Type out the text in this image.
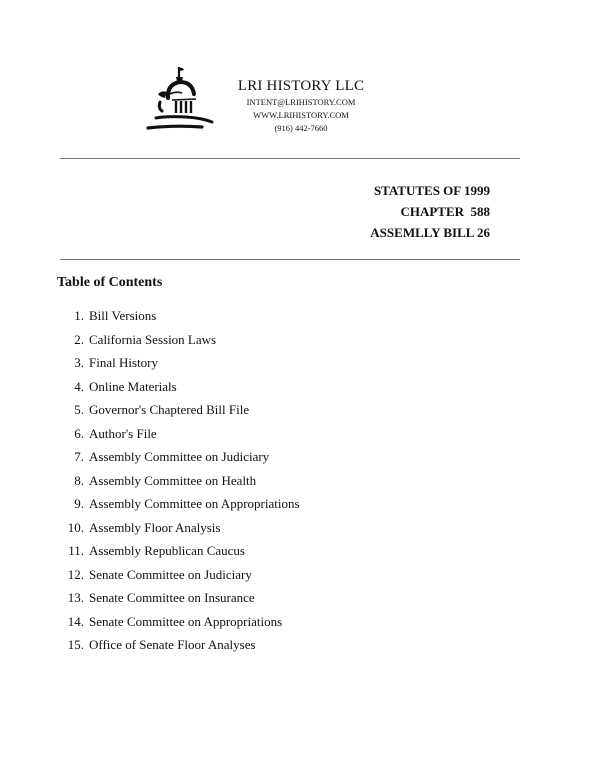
LRI HISTORY LLC
INTENT@LRIHISTORY.COM
WWW.LRIHISTORY.COM
(916) 442-7660
STATUTES OF 1999
CHAPTER  588
ASSEMLLY BILL 26
Table of Contents
1. Bill Versions
2. California Session Laws
3. Final History
4. Online Materials
5. Governor's Chaptered Bill File
6. Author's File
7. Assembly Committee on Judiciary
8. Assembly Committee on Health
9. Assembly Committee on Appropriations
10. Assembly Floor Analysis
11. Assembly Republican Caucus
12. Senate Committee on Judiciary
13. Senate Committee on Insurance
14. Senate Committee on Appropriations
15. Office of Senate Floor Analyses
